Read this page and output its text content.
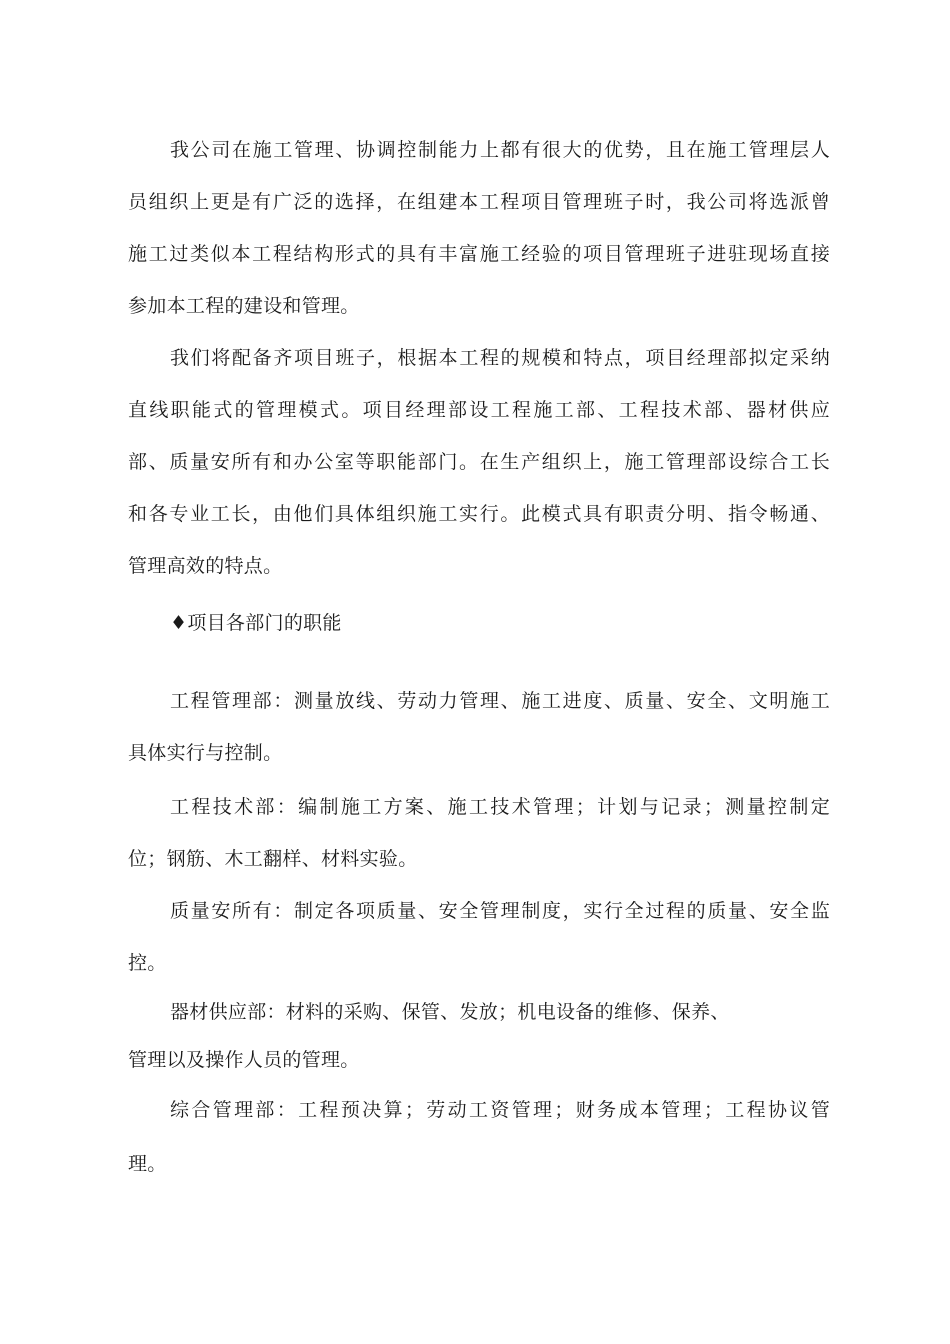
我公司在施工管理、协调控制能力上都有很大的优势，且在施工管理层人
员组织上更是有广泛的选择，在组建本工程项目管理班子时，我公司将选派曾
施工过类似本工程结构形式的具有丰富施工经验的项目管理班子进驻现场直接
参加本工程的建设和管理。
我们将配备齐项目班子，根据本工程的规模和特点，项目经理部拟定采纳
直线职能式的管理模式。项目经理部设工程施工部、工程技术部、器材供应
部、质量安所有和办公室等职能部门。在生产组织上，施工管理部设综合工长
和各专业工长，由他们具体组织施工实行。此模式具有职责分明、指令畅通、
管理高效的特点。
♦项目各部门的职能
工程管理部：测量放线、劳动力管理、施工进度、质量、安全、文明施工
具体实行与控制。
工程技术部：编制施工方案、施工技术管理；计划与记录；测量控制定
位；钢筋、木工翻样、材料实验。
质量安所有：制定各项质量、安全管理制度，实行全过程的质量、安全监
控。
器材供应部：材料的采购、保管、发放；机电设备的维修、保养、
管理以及操作人员的管理。
综合管理部：工程预决算；劳动工资管理；财务成本管理；工程协议管
理。
